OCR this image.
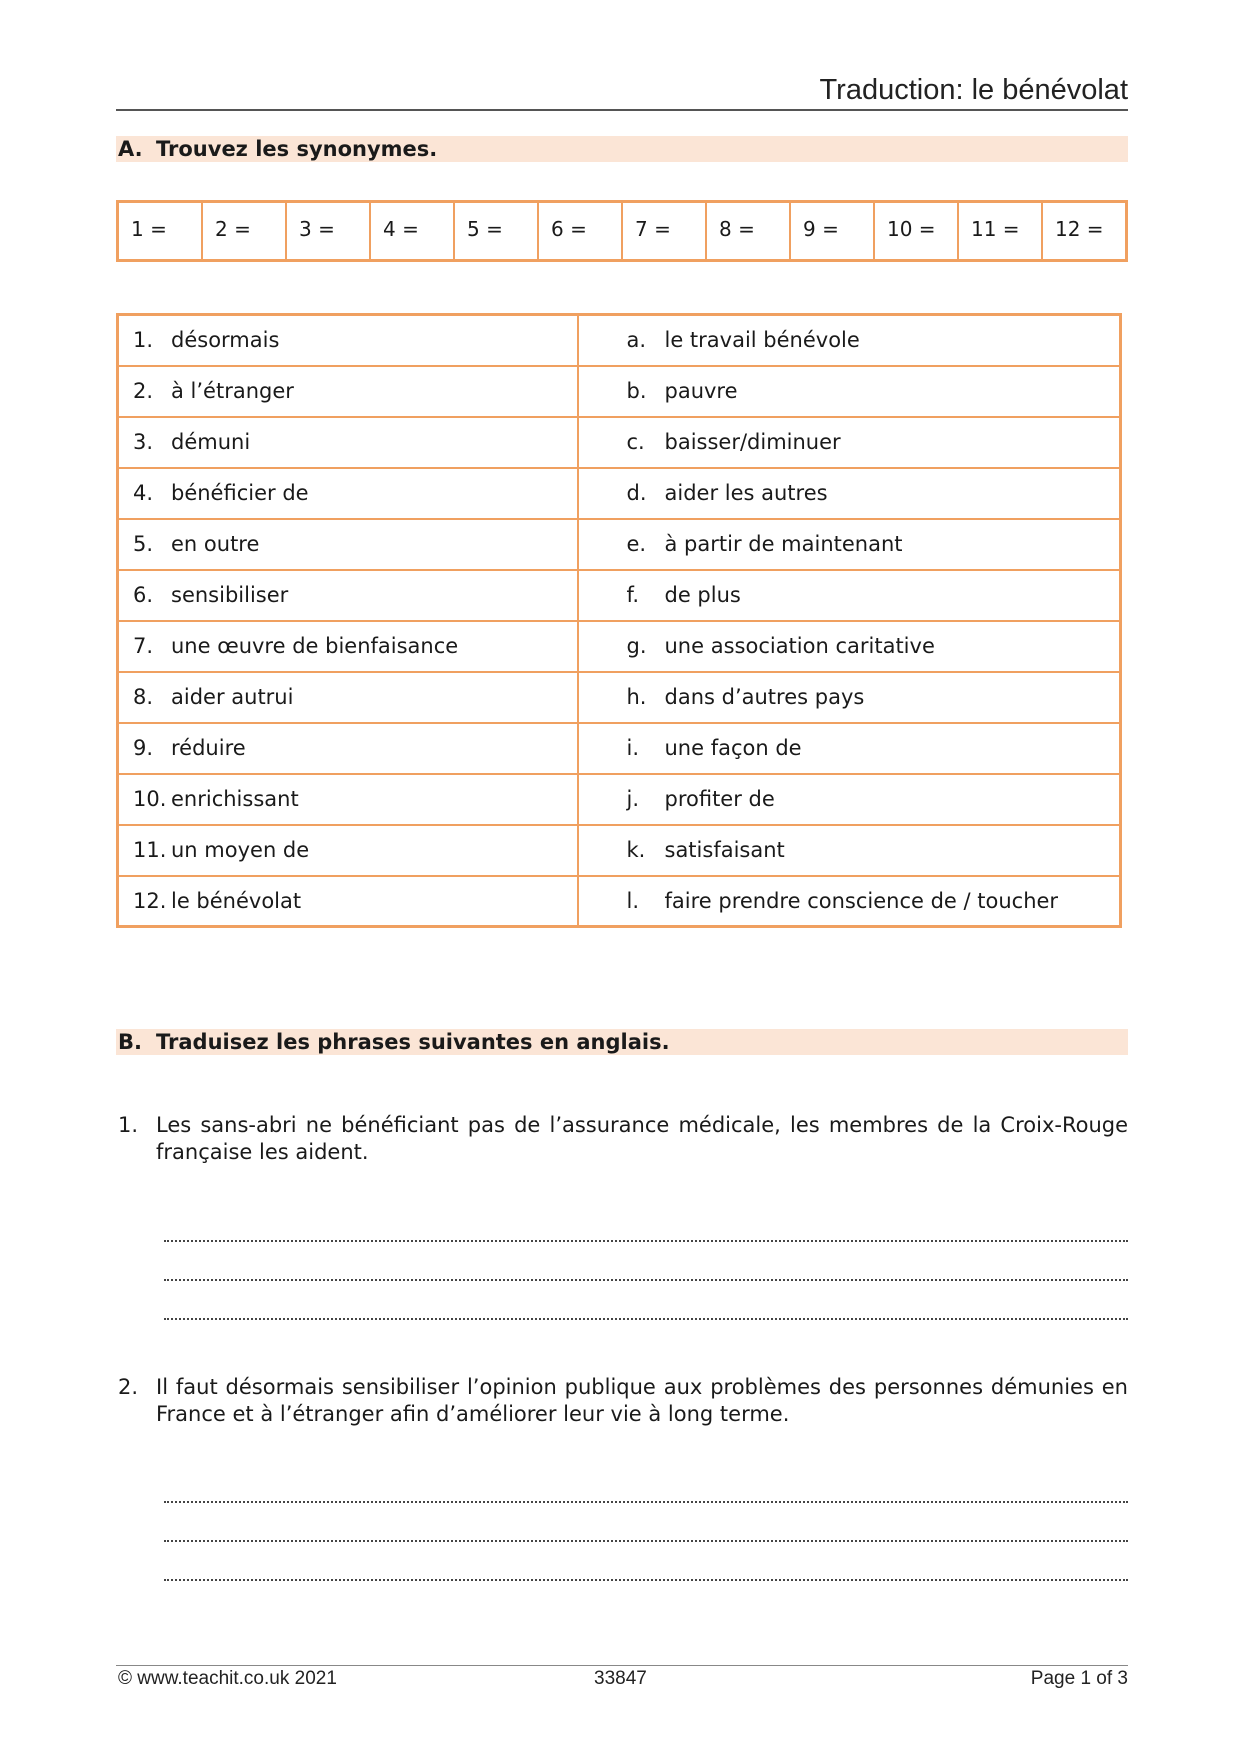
Traduction: le bénévolat
A. Trouvez les synonymes.
1 =	2 =	3 =	4 =	5 =	6 =	7 =	8 =	9 =	10 =	11 =	12 =
1. désormais	a. le travail bénévole
2. à l’étranger	b. pauvre
3. démuni	c. baisser/diminuer
4. bénéficier de	d. aider les autres
5. en outre	e. à partir de maintenant
6. sensibiliser	f. de plus
7. une œuvre de bienfaisance	g. une association caritative
8. aider autrui	h. dans d’autres pays
9. réduire	i. une façon de
10. enrichissant	j. profiter de
11. un moyen de	k. satisfaisant
12. le bénévolat	l. faire prendre conscience de / toucher
B. Traduisez les phrases suivantes en anglais.
1. Les sans-abri ne bénéficiant pas de l’assurance médicale, les membres de la Croix-Rouge française les aident.
2. Il faut désormais sensibiliser l’opinion publique aux problèmes des personnes démunies en France et à l’étranger afin d’améliorer leur vie à long terme.
© www.teachit.co.uk 2021	33847	Page 1 of 3
